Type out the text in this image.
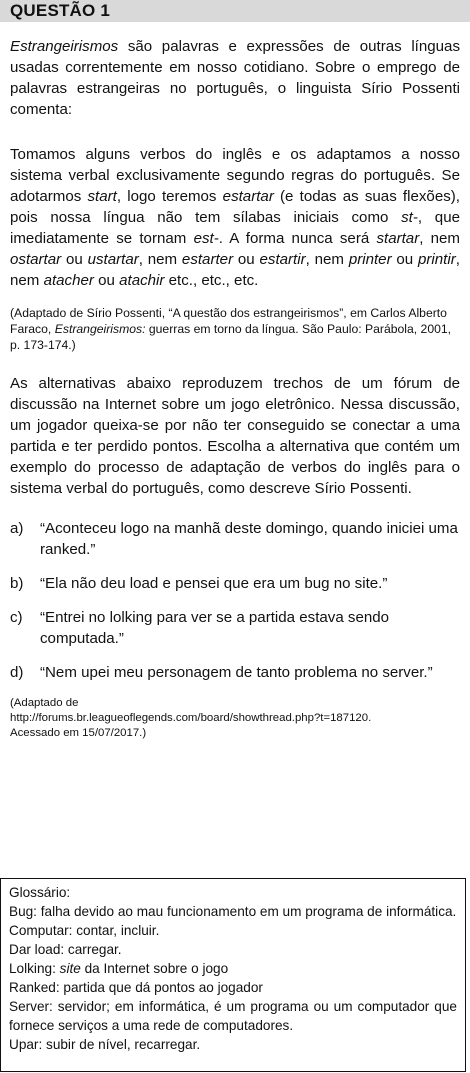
QUESTÃO 1

Estrangeirismos são palavras e expressões de outras línguas usadas correntemente em nosso cotidiano. Sobre o emprego de palavras estrangeiras no português, o linguista Sírio Possenti comenta:

Tomamos alguns verbos do inglês e os adaptamos a nosso sistema verbal exclusivamente segundo regras do português. Se adotarmos start, logo teremos estartar (e todas as suas flexões), pois nossa língua não tem sílabas iniciais como st-, que imediatamente se tornam est-. A forma nunca será startar, nem ostartar ou ustartar, nem estarter ou estartir, nem printer ou printir, nem atacher ou atachir etc., etc., etc.

(Adaptado de Sírio Possenti, “A questão dos estrangeirismos”, em Carlos Alberto Faraco, Estrangeirismos: guerras em torno da língua. São Paulo: Parábola, 2001, p. 173-174.)

As alternativas abaixo reproduzem trechos de um fórum de discussão na Internet sobre um jogo eletrônico. Nessa discussão, um jogador queixa-se por não ter conseguido se conectar a uma partida e ter perdido pontos. Escolha a alternativa que contém um exemplo do processo de adaptação de verbos do inglês para o sistema verbal do português, como descreve Sírio Possenti.

a)	“Aconteceu logo na manhã deste domingo, quando iniciei uma ranked.”
b)	“Ela não deu load e pensei que era um bug no site.”
c)	“Entrei no lolking para ver se a partida estava sendo computada.”
d)	“Nem upei meu personagem de tanto problema no server.”
(Adaptado de
http://forums.br.leagueoflegends.com/board/showthread.php?t=187120.
Acessado em 15/07/2017.)

Glossário:

Bug: falha devido ao mau funcionamento em um programa de informática.

Computar: contar, incluir.

Dar load: carregar.

Lolking: site da Internet sobre o jogo

Ranked: partida que dá pontos ao jogador

Server: servidor; em informática, é um programa ou um computador que fornece serviços a uma rede de computadores.

Upar: subir de nível, recarregar.
